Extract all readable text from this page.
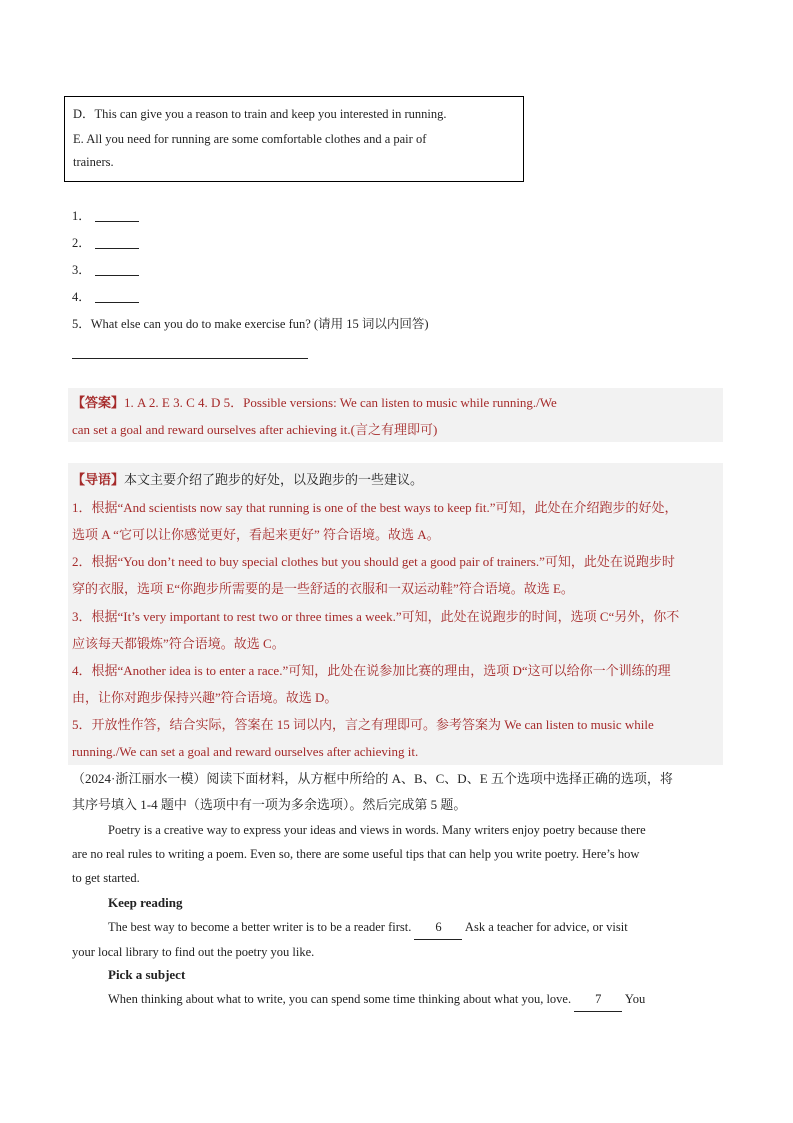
D．This can give you a reason to train and keep you interested in running.
E. All you need for running are some comfortable clothes and a pair of
trainers.
1．
2．
3．
4．
5．What else can you do to make exercise fun? (请用 15 词以内回答)
【答案】1. A 2. E 3. C 4. D 5．Possible versions: We can listen to music while running./We
can set a goal and reward ourselves after achieving it.(言之有理即可)
【导语】本文主要介绍了跑步的好处，以及跑步的一些建议。
1．根据“And scientists now say that running is one of the best ways to keep fit.”可知，此处在介绍跑步的好处，
选项 A “它可以让你感觉更好，看起来更好” 符合语境。故选 A。
2．根据“You don’t need to buy special clothes but you should get a good pair of trainers.”可知，此处在说跑步时
穿的衣服，选项 E“你跑步所需要的是一些舒适的衣服和一双运动鞋”符合语境。故选 E。
3．根据“It’s very important to rest two or three times a week.”可知，此处在说跑步的时间，选项 C“另外，你不
应该每天都锻炼”符合语境。故选 C。
4．根据“Another idea is to enter a race.”可知，此处在说参加比赛的理由，选项 D“这可以给你一个训练的理
由，让你对跑步保持兴趣”符合语境。故选 D。
5．开放性作答，结合实际，答案在 15 词以内，言之有理即可。参考答案为 We can listen to music while
running./We can set a goal and reward ourselves after achieving it.
（2024·浙江丽水一模）阅读下面材料，从方框中所给的 A、B、C、D、E 五个选项中选择正确的选项，将
其序号填入 1-4 题中（选项中有一项为多余选项）。然后完成第 5 题。
Poetry is a creative way to express your ideas and views in words. Many writers enjoy poetry because there
are no real rules to writing a poem. Even so, there are some useful tips that can help you write poetry. Here’s how
to get started.
Keep reading
The best way to become a better writer is to be a reader first. 6 Ask a teacher for advice, or visit
your local library to find out the poetry you like.
Pick a subject
When thinking about what to write, you can spend some time thinking about what you, love. 7 You
